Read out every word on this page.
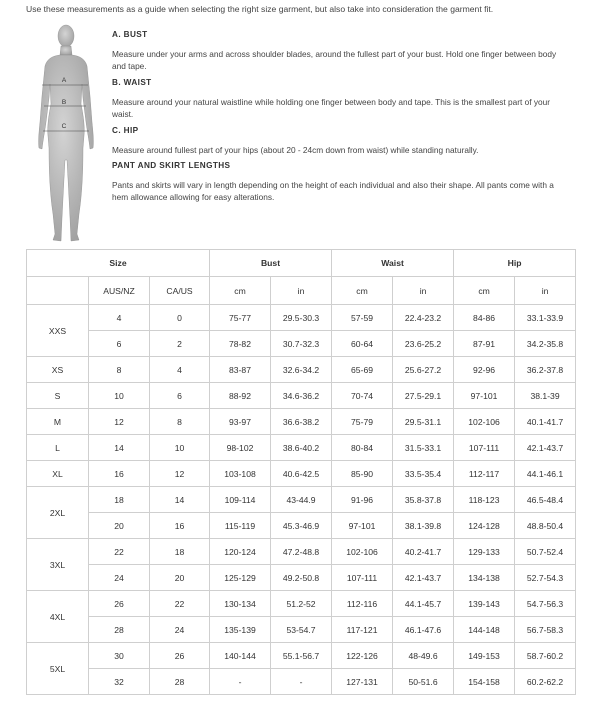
Use these measurements as a guide when selecting the right size garment, but also take into consideration the garment fit.
A
B
C
A. BUST

Measure under your arms and across shoulder blades, around the fullest part of your bust. Hold one finger between body and tape.

B. WAIST

Measure around your natural waistline while holding one finger between body and tape. This is the smallest part of your waist.

C. HIP

Measure around fullest part of your hips (about 20 - 24cm down from waist) while standing naturally.

PANT AND SKIRT LENGTHS

Pants and skirts will vary in length depending on the height of each individual and also their shape. All pants come with a hem allowance allowing for easy alterations.

Size			Bust		Waist		Hip	
	AUS/NZ	CA/US	cm	in	cm	in	cm	in
XXS	4	0	75-77	29.5-30.3	57-59	22.4-23.2	84-86	33.1-33.9
	6	2	78-82	30.7-32.3	60-64	23.6-25.2	87-91	34.2-35.8
XS	8	4	83-87	32.6-34.2	65-69	25.6-27.2	92-96	36.2-37.8
S	10	6	88-92	34.6-36.2	70-74	27.5-29.1	97-101	38.1-39
M	12	8	93-97	36.6-38.2	75-79	29.5-31.1	102-106	40.1-41.7
L	14	10	98-102	38.6-40.2	80-84	31.5-33.1	107-111	42.1-43.7
XL	16	12	103-108	40.6-42.5	85-90	33.5-35.4	112-117	44.1-46.1
2XL	18	14	109-114	43-44.9	91-96	35.8-37.8	118-123	46.5-48.4
	20	16	115-119	45.3-46.9	97-101	38.1-39.8	124-128	48.8-50.4
3XL	22	18	120-124	47.2-48.8	102-106	40.2-41.7	129-133	50.7-52.4
	24	20	125-129	49.2-50.8	107-111	42.1-43.7	134-138	52.7-54.3
4XL	26	22	130-134	51.2-52	112-116	44.1-45.7	139-143	54.7-56.3
	28	24	135-139	53-54.7	117-121	46.1-47.6	144-148	56.7-58.3
5XL	30	26	140-144	55.1-56.7	122-126	48-49.6	149-153	58.7-60.2
	32	28	-	-	127-131	50-51.6	154-158	60.2-62.2
